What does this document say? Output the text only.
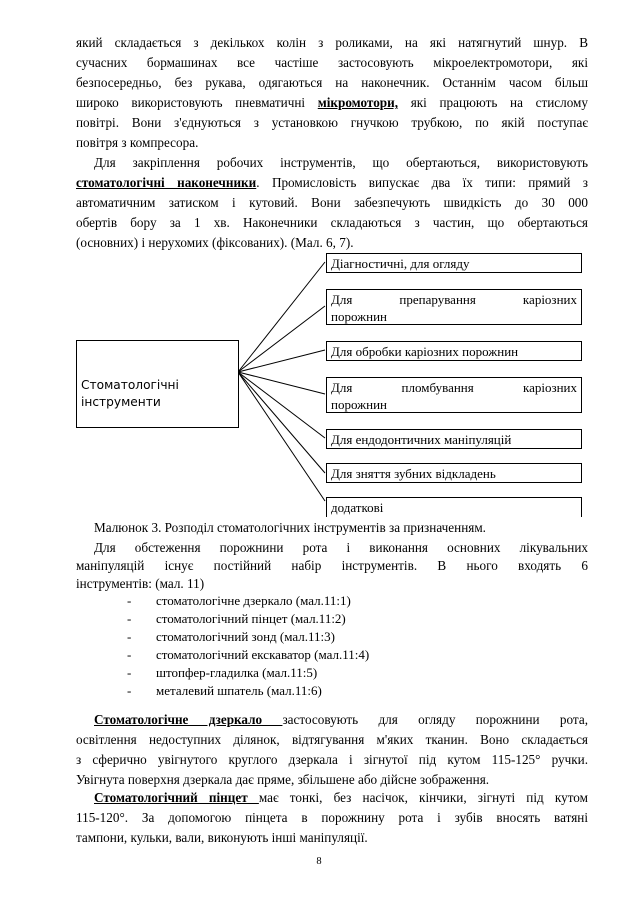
який складається з декількох колін з роликами, на які натягнутий шнур. В
сучасних бормашинах все частіше застосовують мікроелектромотори, які
безпосередньо, без рукава, одягаються на наконечник. Останнім часом більш
широко використовують пневматичні мікромотори, які працюють на стислому
повітрі. Вони з'єднуються з установкою гнучкою трубкою, по якій поступає
повітря з компресора.
Для закріплення робочих інструментів, що обертаються, використовують
стоматологічні наконечники. Промисловість випускає два їх типи: прямий з
автоматичним затиском і кутовий. Вони забезпечують швидкість до 30 000
обертів бору за 1 хв. Наконечники складаються з частин, що обертаються
(основних) і нерухомих (фіксованих). (Мал. 6, 7).
Стоматологічні
інструменти
Діагностичні, для огляду
Для препарування каріозних
порожнин
Для обробки каріозних порожнин
Для пломбування каріозних
порожнин
Для ендодонтичних маніпуляцій
Для зняття зубних відкладень
додаткові
Малюнок 3. Розподіл стоматологічних інструментів за призначенням.
Для обстеження порожнини рота і виконання основних лікувальних
маніпуляцій існує постійний набір інструментів. В нього входять 6
інструментів: (мал. 11)
- стоматологічне дзеркало (мал.11:1)
- стоматологічний пінцет (мал.11:2)
- стоматологічний зонд (мал.11:3)
- стоматологічний екскаватор (мал.11:4)
- штопфер-гладилка (мал.11:5)
- металевий шпатель (мал.11:6)
Стоматологічне дзеркало застосовують для огляду порожнини рота,
освітлення недоступних ділянок, відтягування м'яких тканин. Воно складається
з сферично увігнутого круглого дзеркала і зігнутої під кутом 115-125° ручки.
Увігнута поверхня дзеркала дає пряме, збільшене або дійсне зображення.
Стоматологічний пінцет має тонкі, без насічок, кінчики, зігнуті під кутом
115-120°. За допомогою пінцета в порожнину рота і зубів вносять ватяні
тампони, кульки, вали, виконують інші маніпуляції.
8
